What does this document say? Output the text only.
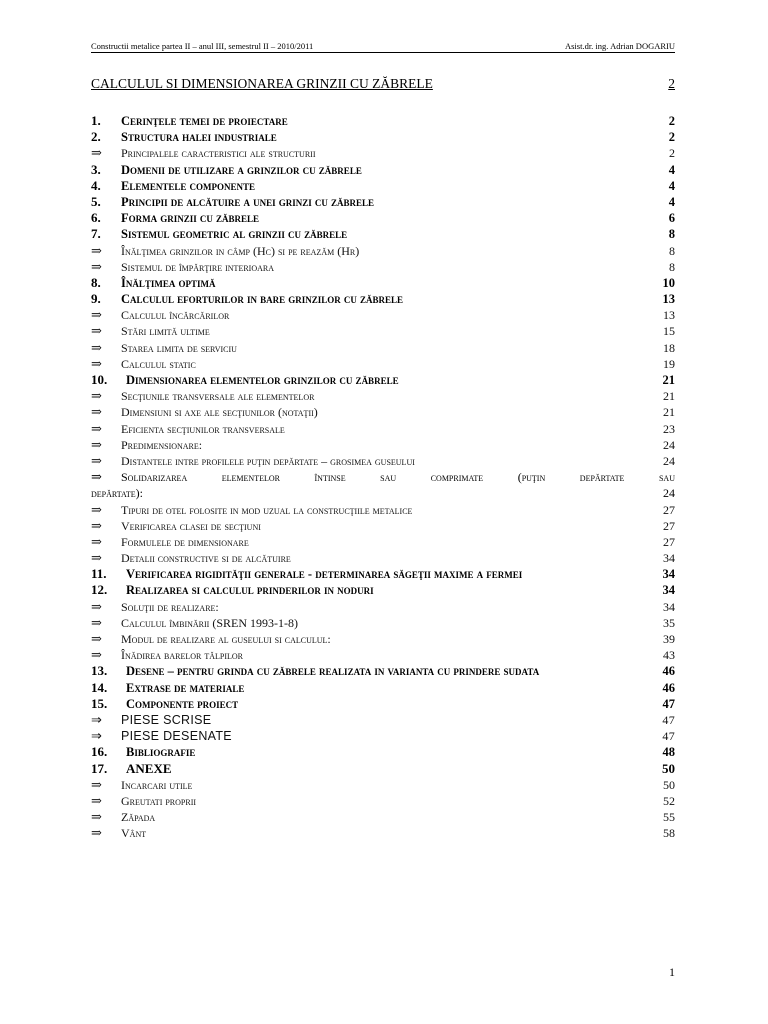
Constructii metalice partea II – anul III, semestrul II – 2010/2011	Asist.dr. ing. Adrian DOGARIU
CALCULUL SI DIMENSIONAREA GRINZII CU ZĂBRELE	2
1.	Cerinţele temei de proiectare	2
2.	Structura halei industriale	2
⇒	Principalele caracteristici ale structurii	2
3.	Domenii de utilizare a grinzilor cu zăbrele	4
4.	Elementele componente	4
5.	Principii de alcătuire a unei grinzi cu zăbrele	4
6.	Forma grinzii cu zăbrele	6
7.	Sistemul geometric al grinzii cu zăbrele	8
⇒	Înălţimea grinzilor in câmp (Hc) si pe reazăm (Hr)	8
⇒	Sistemul de împărţire interioara	8
8.	Înălţimea optimă	10
9.	Calculul eforturilor in bare grinzilor cu zăbrele	13
⇒	Calculul încărcărilor	13
⇒	Stări limită ultime	15
⇒	Starea limita de serviciu	18
⇒	Calculul static	19
10.	Dimensionarea elementelor grinzilor cu zăbrele	21
⇒	Secţiunile transversale ale elementelor	21
⇒	Dimensiuni si axe ale secţiunilor (notaţii)	21
⇒	Eficienta secţiunilor transversale	23
⇒	Predimensionare:	24
⇒	Distantele intre profilele puţin depărtate – grosimea guseului	24
⇒	Solidarizarea elementelor întinse sau comprimate (puţin depărtate sau
depărtate):	24
⇒	Tipuri de otel folosite in mod uzual la construcţiile metalice	27
⇒	Verificarea clasei de secţiuni	27
⇒	Formulele de dimensionare	27
⇒	Detalii constructive si de alcătuire	34
11.	Verificarea rigidităţii generale - determinarea săgeţii maxime a fermei	34
12.	Realizarea si calculul prinderilor in noduri	34
⇒	Soluţii de realizare:	34
⇒	Calculul îmbinării (SREN 1993-1-8)	35
⇒	Modul de realizare al guseului si calculul:	39
⇒	Înădirea barelor tălpilor	43
13.	Desene – pentru grinda cu zăbrele realizata in varianta cu prindere sudata	46
14.	Extrase de materiale	46
15.	Componente proiect	47
⇒	PIESE SCRISE	47
⇒	PIESE DESENATE	47
16.	Bibliografie	48
17.	ANEXE	50
⇒	Incarcari utile	50
⇒	Greutati proprii	52
⇒	Zăpada	55
⇒	Vânt	58
1
